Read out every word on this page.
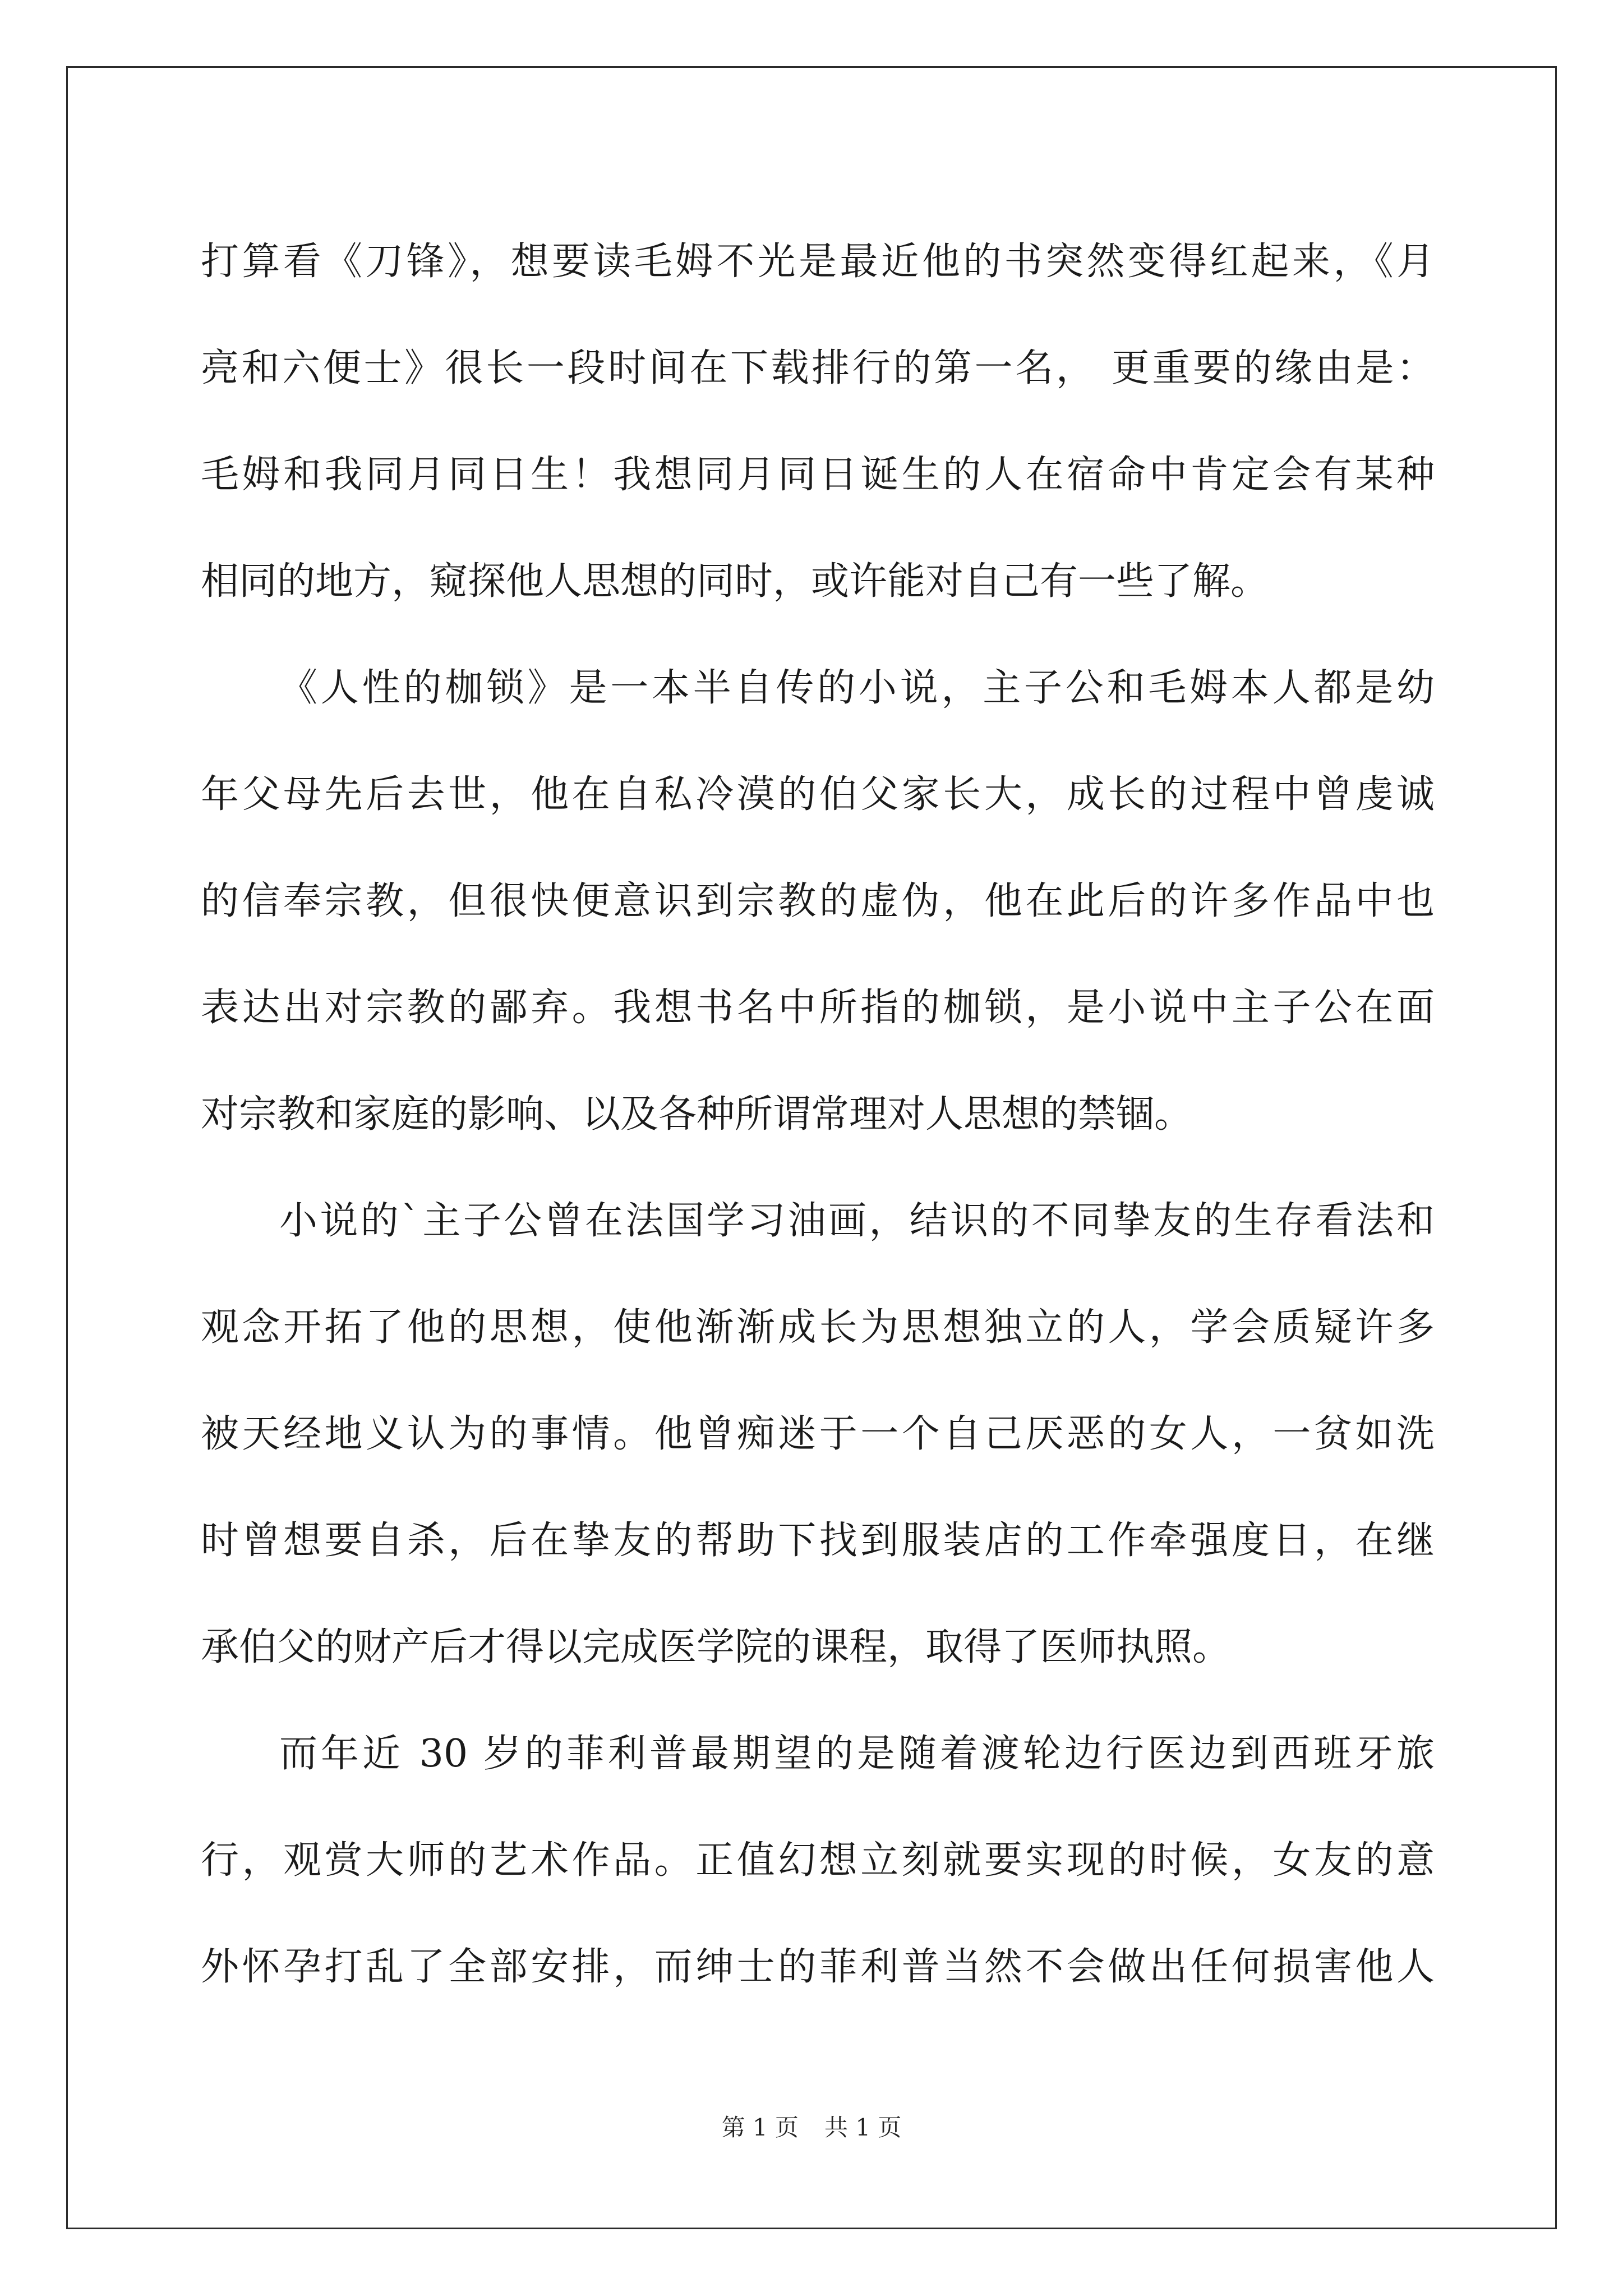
打算看《刀锋》，想要读毛姆不光是最近他的书突然变得红起来，《月
亮和六便士》很长一段时间在下载排行的第一名， 更重要的缘由是：
毛姆和我同月同日生！我想同月同日诞生的人在宿命中肯定会有某种
相同的地方，窥探他人思想的同时，或许能对自己有一些了解。
《人性的枷锁》是一本半自传的小说，主子公和毛姆本人都是幼
年父母先后去世，他在自私冷漠的伯父家长大，成长的过程中曾虔诚
的信奉宗教，但很快便意识到宗教的虚伪，他在此后的许多作品中也
表达出对宗教的鄙弃。我想书名中所指的枷锁，是小说中主子公在面
对宗教和家庭的影响、以及各种所谓常理对人思想的禁锢。
小说的`主子公曾在法国学习油画，结识的不同挚友的生存看法和
观念开拓了他的思想，使他渐渐成长为思想独立的人，学会质疑许多
被天经地义认为的事情。他曾痴迷于一个自己厌恶的女人，一贫如洗
时曾想要自杀，后在挚友的帮助下找到服装店的工作牵强度日，在继
承伯父的财产后才得以完成医学院的课程，取得了医师执照。
而年近 30 岁的菲利普最期望的是随着渡轮边行医边到西班牙旅
行，观赏大师的艺术作品。正值幻想立刻就要实现的时候，女友的意
外怀孕打乱了全部安排，而绅士的菲利普当然不会做出任何损害他人
第 1 页 共 1 页
